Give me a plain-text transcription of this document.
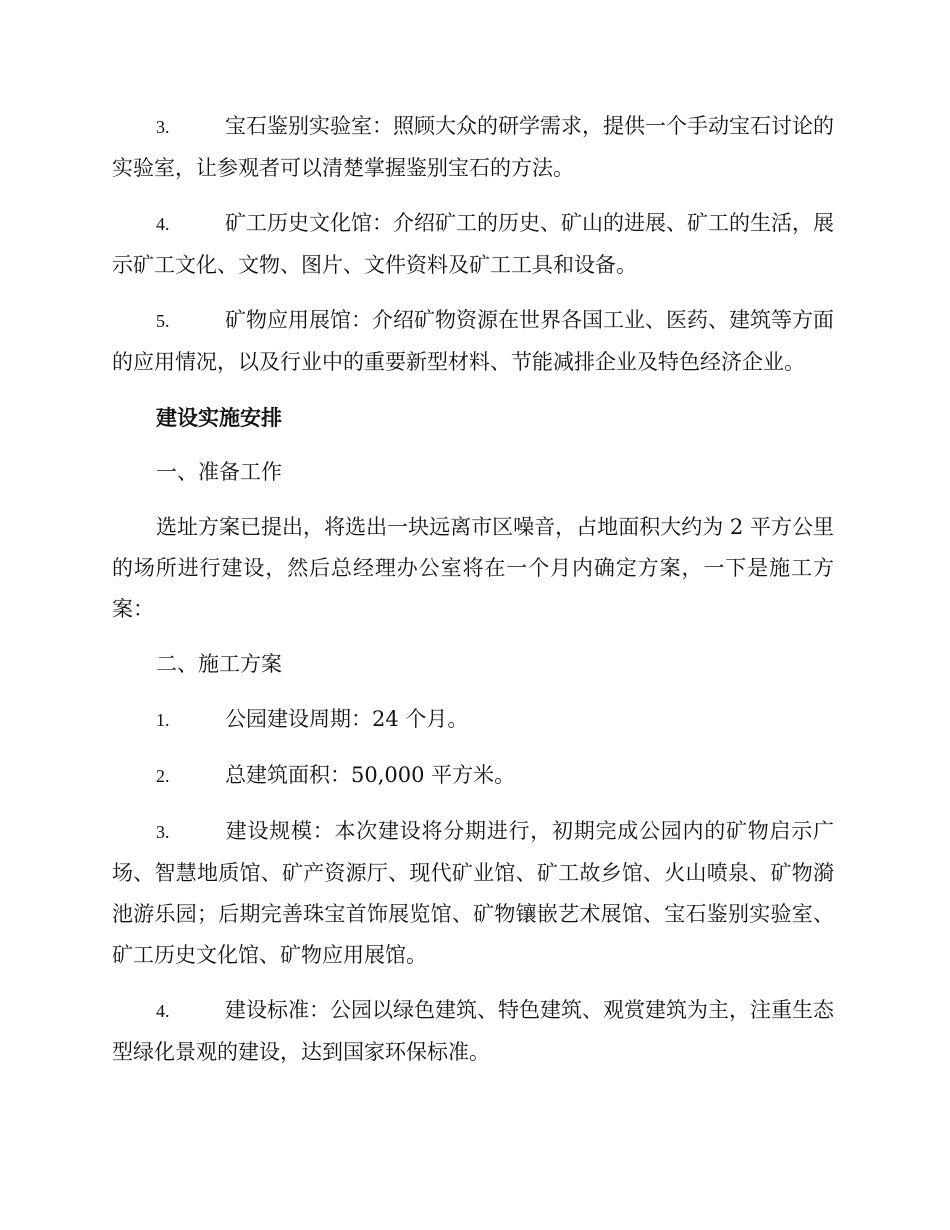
3.	宝石鉴别实验室：照顾大众的研学需求，提供一个手动宝石讨论的实验室，让参观者可以清楚掌握鉴别宝石的方法。

4.	矿工历史文化馆：介绍矿工的历史、矿山的进展、矿工的生活，展示矿工文化、文物、图片、文件资料及矿工工具和设备。

5.	矿物应用展馆：介绍矿物资源在世界各国工业、医药、建筑等方面的应用情况，以及行业中的重要新型材料、节能减排企业及特色经济企业。

建设实施安排

一、准备工作

选址方案已提出，将选出一块远离市区噪音，占地面积大约为 2 平方公里的场所进行建设，然后总经理办公室将在一个月内确定方案，一下是施工方案：

二、施工方案

1.	公园建设周期：24 个月。

2.	总建筑面积：50,000 平方米。

3.	建设规模：本次建设将分期进行，初期完成公园内的矿物启示广场、智慧地质馆、矿产资源厅、现代矿业馆、矿工故乡馆、火山喷泉、矿物漪池游乐园；后期完善珠宝首饰展览馆、矿物镶嵌艺术展馆、宝石鉴别实验室、矿工历史文化馆、矿物应用展馆。

4.	建设标准：公园以绿色建筑、特色建筑、观赏建筑为主，注重生态型绿化景观的建设，达到国家环保标准。
